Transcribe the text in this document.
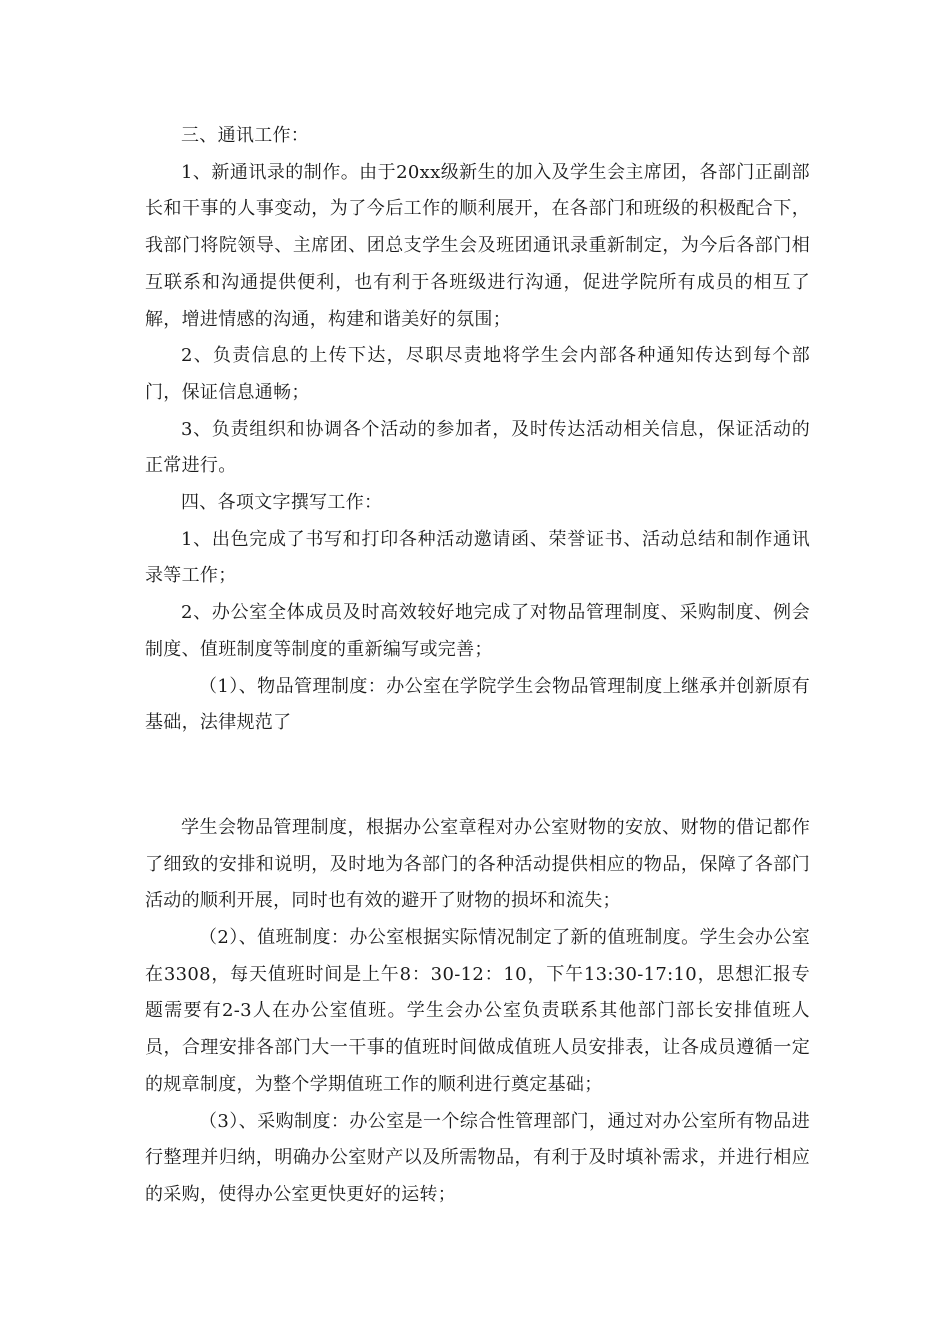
三、通讯工作：

1、新通讯录的制作。由于20xx级新生的加入及学生会主席团，各部门正副部长和干事的人事变动，为了今后工作的顺利展开，在各部门和班级的积极配合下，我部门将院领导、主席团、团总支学生会及班团通讯录重新制定，为今后各部门相互联系和沟通提供便利，也有利于各班级进行沟通，促进学院所有成员的相互了解，增进情感的沟通，构建和谐美好的氛围；

2、负责信息的上传下达，尽职尽责地将学生会内部各种通知传达到每个部门，保证信息通畅；

3、负责组织和协调各个活动的参加者，及时传达活动相关信息，保证活动的正常进行。

四、各项文字撰写工作：

1、出色完成了书写和打印各种活动邀请函、荣誉证书、活动总结和制作通讯录等工作；

2、办公室全体成员及时高效较好地完成了对物品管理制度、采购制度、例会制度、值班制度等制度的重新编写或完善；

（1）、物品管理制度：办公室在学院学生会物品管理制度上继承并创新原有基础，法律规范了

学生会物品管理制度，根据办公室章程对办公室财物的安放、财物的借记都作了细致的安排和说明，及时地为各部门的各种活动提供相应的物品，保障了各部门活动的顺利开展，同时也有效的避开了财物的损坏和流失；

（2）、值班制度：办公室根据实际情况制定了新的值班制度。学生会办公室在3308，每天值班时间是上午8：30-12：10，下午13:30-17:10，思想汇报专题需要有2-3人在办公室值班。学生会办公室负责联系其他部门部长安排值班人员，合理安排各部门大一干事的值班时间做成值班人员安排表，让各成员遵循一定的规章制度，为整个学期值班工作的顺利进行奠定基础；

（3）、采购制度：办公室是一个综合性管理部门，通过对办公室所有物品进行整理并归纳，明确办公室财产以及所需物品，有利于及时填补需求，并进行相应的采购，使得办公室更快更好的运转；
